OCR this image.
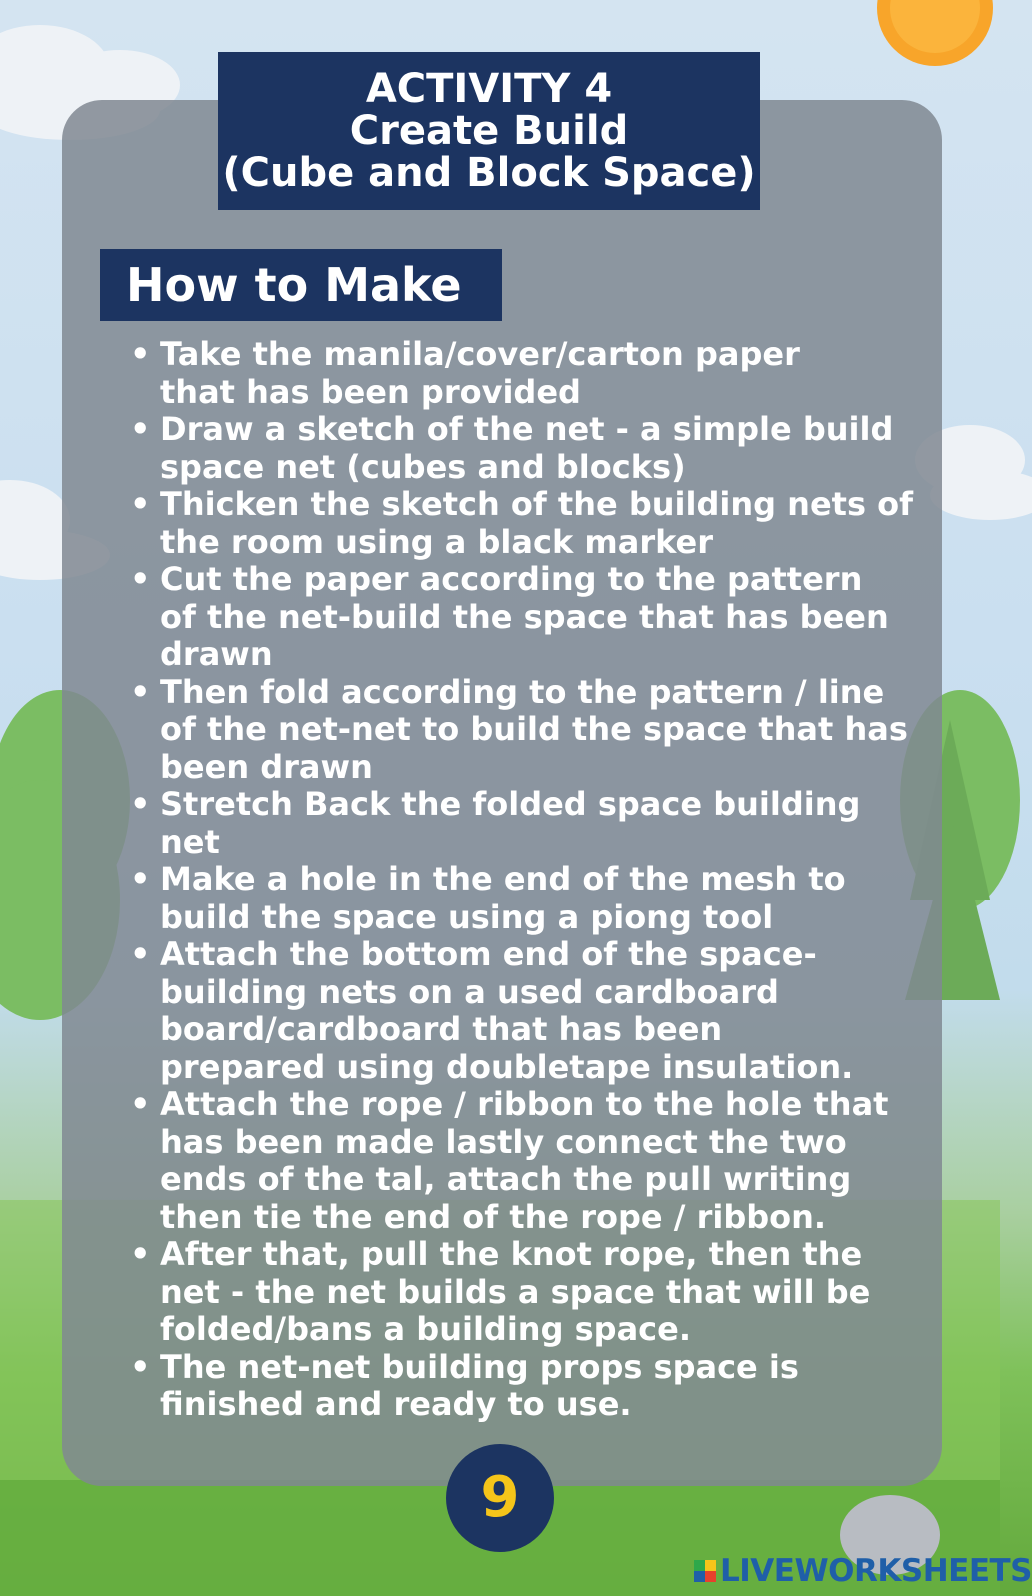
ACTIVITY 4
Create Build
(Cube and Block Space)
How to Make
• Take the manila/cover/carton paper
that has been provided
• Draw a sketch of the net - a simple build
space net (cubes and blocks)
• Thicken the sketch of the building nets of
the room using a black marker
• Cut the paper according to the pattern
of the net-build the space that has been
drawn
• Then fold according to the pattern / line
of the net-net to build the space that has
been drawn
• Stretch Back the folded space building
net
• Make a hole in the end of the mesh to
build the space using a piong tool
• Attach the bottom end of the space-
building nets on a used cardboard
board/cardboard that has been
prepared using doubletape insulation.
• Attach the rope / ribbon to the hole that
has been made lastly connect the two
ends of the tal, attach the pull writing
then tie the end of the rope / ribbon.
• After that, pull the knot rope, then the
net - the net builds a space that will be
folded/bans a building space.
• The net-net building props space is
finished and ready to use.
9
LIVEWORKSHEETS
